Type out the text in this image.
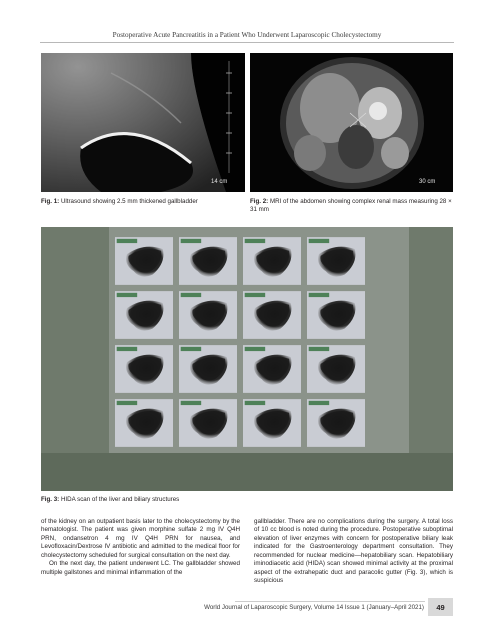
Postoperative Acute Pancreatitis in a Patient Who Underwent Laparoscopic Cholecystectomy
14 cm	30 cm
Fig. 1: Ultrasound showing 2.5 mm thickened gallbladder	Fig. 2: MRI of the abdomen showing complex renal mass measuring 28 × 31 mm
Fig. 3: HIDA scan of the liver and biliary structures

of the kidney on an outpatient basis later to the cholecystectomy by the hematologist. The patient was given morphine sulfate 2 mg IV Q4H PRN, ondansetron 4 mg IV Q4H PRN for nausea, and Levofloxacin/Dextrose IV antibiotic and admitted to the medical floor for cholecystectomy scheduled for surgical consultation on the next day.

On the next day, the patient underwent LC. The gallbladder showed multiple gallstones and minimal inflammation of the

gallbladder. There are no complications during the surgery. A total loss of 10 cc blood is noted during the procedure. Postoperative suboptimal elevation of liver enzymes with concern for postoperative biliary leak indicated for the Gastroenterology department consultation. They recommended for nuclear medicine—hepatobiliary scan. Hepatobiliary iminodiacetic acid (HIDA) scan showed minimal activity at the proximal aspect of the extrahepatic duct and paracolic gutter (Fig. 3), which is suspicious

World Journal of Laparoscopic Surgery, Volume 14 Issue 1 (January–April 2021)	49
